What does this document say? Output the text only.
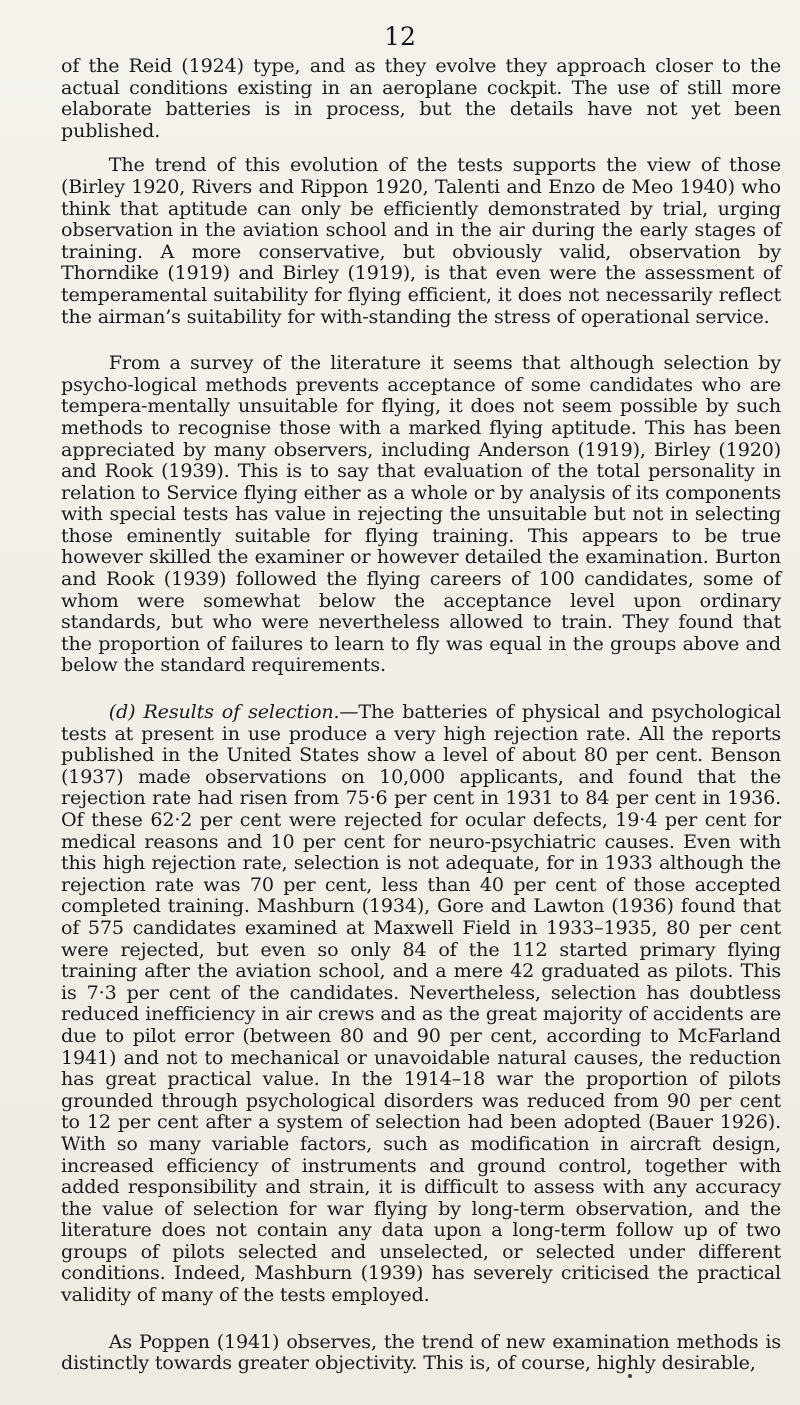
12

of the Reid (1924) type, and as they evolve they approach closer to the actual conditions existing in an aeroplane cockpit. The use of still more elaborate batteries is in process, but the details have not yet been published.

The trend of this evolution of the tests supports the view of those (Birley 1920, Rivers and Rippon 1920, Talenti and Enzo de Meo 1940) who think that aptitude can only be efficiently demonstrated by trial, urging observation in the aviation school and in the air during the early stages of training. A more conservative, but obviously valid, observation by Thorndike (1919) and Birley (1919), is that even were the assessment of temperamental suitability for flying efficient, it does not necessarily reflect the airman’s suitability for with-standing the stress of operational service.

From a survey of the literature it seems that although selection by psycho-logical methods prevents acceptance of some candidates who are tempera-mentally unsuitable for flying, it does not seem possible by such methods to recognise those with a marked flying aptitude. This has been appreciated by many observers, including Anderson (1919), Birley (1920) and Rook (1939). This is to say that evaluation of the total personality in relation to Service flying either as a whole or by analysis of its components with special tests has value in rejecting the unsuitable but not in selecting those eminently suitable for flying training. This appears to be true however skilled the examiner or however detailed the examination. Burton and Rook (1939) followed the flying careers of 100 candidates, some of whom were somewhat below the acceptance level upon ordinary standards, but who were nevertheless allowed to train. They found that the proportion of failures to learn to fly was equal in the groups above and below the standard requirements.

(d) Results of selection.—The batteries of physical and psychological tests at present in use produce a very high rejection rate. All the reports published in the United States show a level of about 80 per cent. Benson (1937) made observations on 10,000 applicants, and found that the rejection rate had risen from 75·6 per cent in 1931 to 84 per cent in 1936. Of these 62·2 per cent were rejected for ocular defects, 19·4 per cent for medical reasons and 10 per cent for neuro-psychiatric causes. Even with this high rejection rate, selection is not adequate, for in 1933 although the rejection rate was 70 per cent, less than 40 per cent of those accepted completed training. Mashburn (1934), Gore and Lawton (1936) found that of 575 candidates examined at Maxwell Field in 1933–1935, 80 per cent were rejected, but even so only 84 of the 112 started primary flying training after the aviation school, and a mere 42 graduated as pilots. This is 7·3 per cent of the candidates. Nevertheless, selection has doubtless reduced inefficiency in air crews and as the great majority of accidents are due to pilot error (between 80 and 90 per cent, according to McFarland 1941) and not to mechanical or unavoidable natural causes, the reduction has great practical value. In the 1914–18 war the proportion of pilots grounded through psychological disorders was reduced from 90 per cent to 12 per cent after a system of selection had been adopted (Bauer 1926). With so many variable factors, such as modification in aircraft design, increased efficiency of instruments and ground control, together with added responsibility and strain, it is difficult to assess with any accuracy the value of selection for war flying by long-term observation, and the literature does not contain any data upon a long-term follow up of two groups of pilots selected and unselected, or selected under different conditions. Indeed, Mashburn (1939) has severely criticised the practical validity of many of the tests employed.

As Poppen (1941) observes, the trend of new examination methods is distinctly towards greater objectivity. This is, of course, highly desirable,
